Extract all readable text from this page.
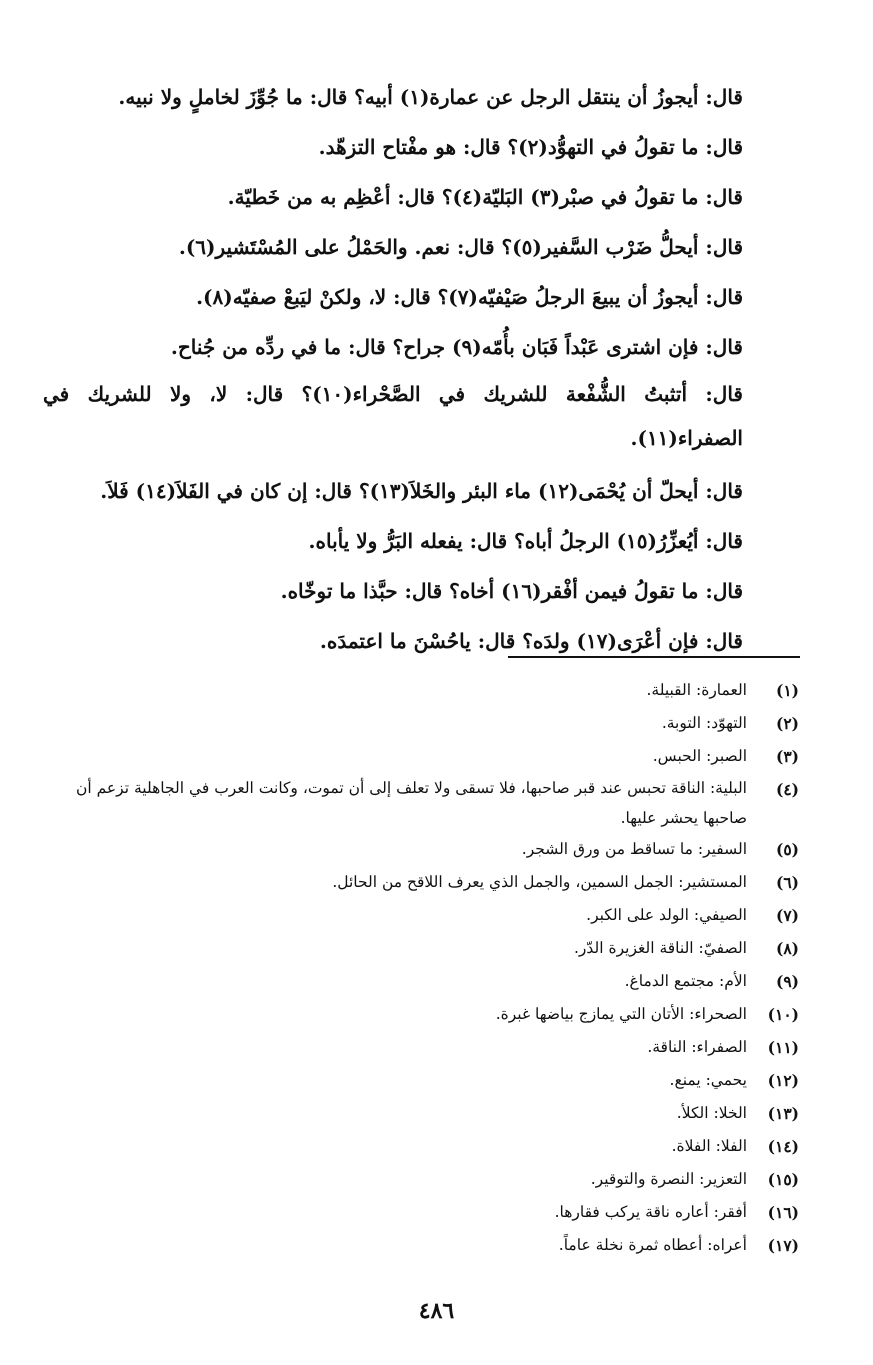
قال: أيجوزُ أن ينتقل الرجل عن عمارة(١) أبيه؟ قال: ما جُوِّزَ لخاملٍ ولا نبيه.

قال: ما تقولُ في التهوُّد(٢)؟ قال: هو مفْتاح التزهّد.

قال: ما تقولُ في صبْر(٣) البَليّة(٤)؟ قال: أعْظِم به من خَطيّة.

قال: أيحلُّ ضَرْب السَّفير(٥)؟ قال: نعم. والحَمْلُ على المُسْتَشير(٦).

قال: أيجوزُ أن يبيعَ الرجلُ صَيْفيّه(٧)؟ قال: لا، ولكنْ ليَبعْ صفيّه(٨).

قال: فإن اشترى عَبْداً فَبَان بأُمّه(٩) جراح؟ قال: ما في ردِّه من جُناح.

قال: أتثبتُ الشُّفْعة للشريك في الصَّحْراء(١٠)؟ قال: لا، ولا للشريك في الصفراء(١١).

قال: أيحلّ أن يُحْمَى(١٢) ماء البئر والخَلاَ(١٣)؟ قال: إن كان في الفَلاَ(١٤) فَلاَ.

قال: أيُعزِّرُ(١٥) الرجلُ أباه؟ قال: يفعله البَرُّ ولا يأباه.

قال: ما تقولُ فيمن أفْقر(١٦) أخاه؟ قال: حبَّذا ما توخّاه.

قال: فإن أعْرَى(١٧) ولدَه؟ قال: ياحُسْنَ ما اعتمدَه.

(١)
العمارة: القبيلة.
(٢)
التهوّد: التوبة.
(٣)
الصبر: الحبس.
(٤)
البلية: الناقة تحبس عند قبر صاحبها، فلا تسقى ولا تعلف إلى أن تموت، وكانت العرب في الجاهلية تزعم أن صاحبها يحشر عليها.
(٥)
السفير: ما تساقط من ورق الشجر.
(٦)
المستشير: الجمل السمين، والجمل الذي يعرف اللاقح من الحائل.
(٧)
الصيفي: الولد على الكبر.
(٨)
الصفيّ: الناقة الغزيرة الدّر.
(٩)
الأم: مجتمع الدماغ.
(١٠)
الصحراء: الأتان التي يمازج بياضها غبرة.
(١١)
الصفراء: الناقة.
(١٢)
يحمي: يمنع.
(١٣)
الخلا: الكلأ.
(١٤)
الفلا: الفلاة.
(١٥)
التعزير: النصرة والتوقير.
(١٦)
أفقر: أعاره ناقة يركب فقارها.
(١٧)
أعراه: أعطاه ثمرة نخلة عاماً.
٤٨٦
